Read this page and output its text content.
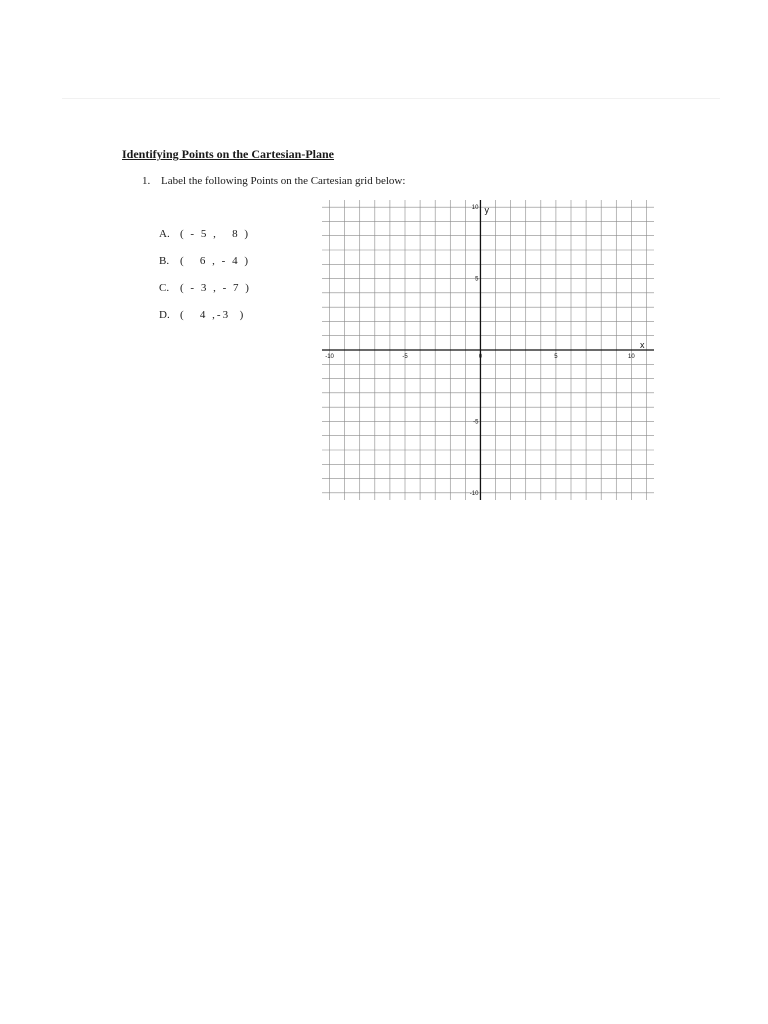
Identifying Points on the Cartesian-Plane
1. Label the following Points on the Cartesian grid below:
A. ( - 5 ,   8 )
B. (   6 , - 4 )
C. ( - 3 , - 7 )
D. (   4 ,-3  )
-10	-5	0	5	10
10
5
-5
-10
x
y
